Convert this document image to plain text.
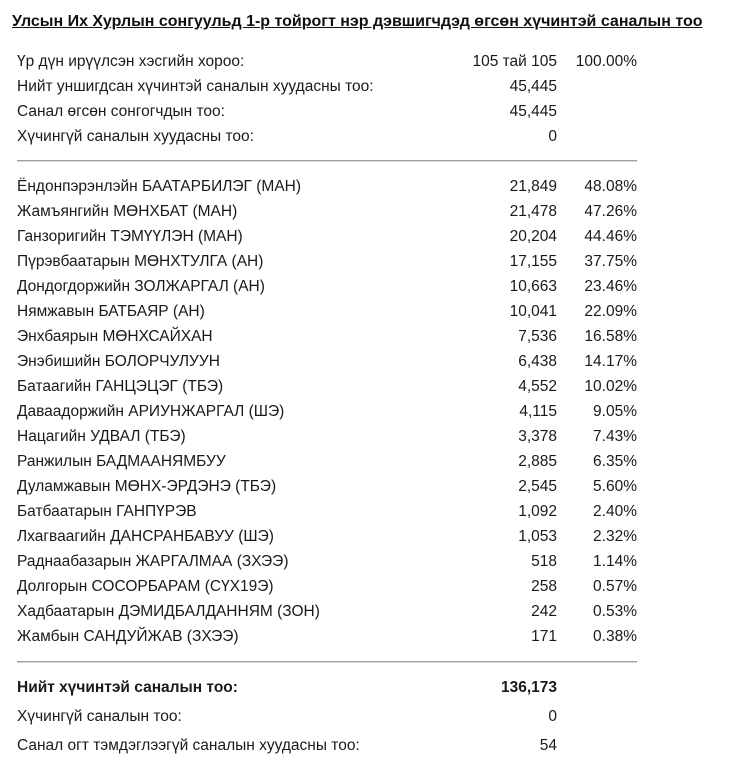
Улсын Их Хурлын сонгуульд 1-р тойрогт нэр дэвшигчдэд өгсөн хүчинтэй саналын тоо
Үр дүн ирүүлсэн хэсгийн хороо:	105 тай 105 100.00%
Нийт уншигдсан хүчинтэй саналын хуудасны тоо:	45,445
Санал өгсөн сонгогчдын тоо:	45,445
Хүчингүй саналын хуудасны тоо:	0
Ёндонпэрэнлэйн БААТАРБИЛЭГ (МАН)	21,849 48.08%
Жамъянгийн МӨНХБАТ (МАН)	21,478 47.26%
Ганзоригийн ТЭМҮҮЛЭН (МАН)	20,204 44.46%
Пүрэвбаатарын МӨНХТУЛГА (АН)	17,155 37.75%
Дондогдоржийн ЗОЛЖАРГАЛ (АН)	10,663 23.46%
Нямжавын БАТБАЯР (АН)	10,041 22.09%
Энхбаярын МӨНХСАЙХАН	7,536 16.58%
Энэбишийн БОЛОРЧУЛУУН	6,438 14.17%
Батаагийн ГАНЦЭЦЭГ (ТБЭ)	4,552 10.02%
Даваадоржийн АРИУНЖАРГАЛ (ШЭ)	4,115 9.05%
Нацагийн УДВАЛ (ТБЭ)	3,378 7.43%
Ранжилын БАДМААНЯМБУУ	2,885 6.35%
Дуламжавын МӨНХ-ЭРДЭНЭ (ТБЭ)	2,545 5.60%
Батбаатарын ГАНПҮРЭВ	1,092 2.40%
Лхагваагийн ДАНСРАНБАВУУ (ШЭ)	1,053 2.32%
Раднаабазарын ЖАРГАЛМАА (ЗХЭЭ)	518 1.14%
Долгорын СОСОРБАРАМ (СҮХ19Э)	258 0.57%
Хадбаатарын ДЭМИДБАЛДАННЯМ (ЗОН)	242 0.53%
Жамбын САНДУЙЖАВ (ЗХЭЭ)	171 0.38%
Нийт хүчинтэй саналын тоо:	136,173
Хүчингүй саналын тоо:	0
Санал огт тэмдэглээгүй саналын хуудасны тоо:	54
